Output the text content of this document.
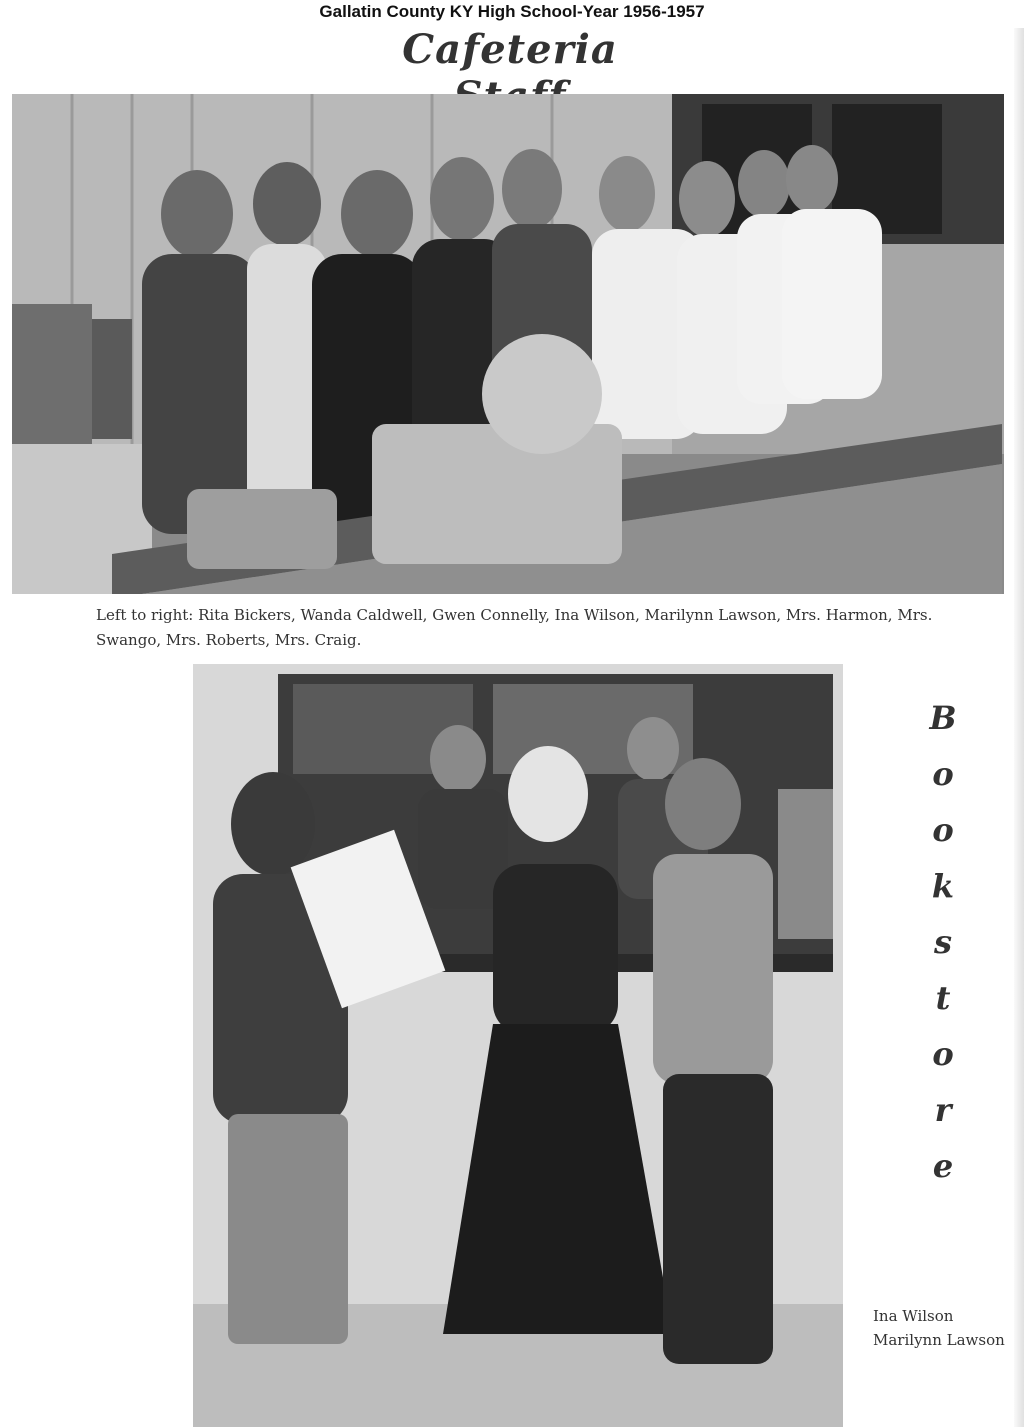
Gallatin County KY High School-Year 1956-1957
Cafeteria
Left to right: Rita Bickers, Wanda Caldwell, Gwen Connelly, Ina Wilson, Marilynn Lawson, Mrs. Harmon, Mrs. Swango, Mrs. Roberts, Mrs. Craig.
B
o
o
k
s
t
o
r
e
Ina Wilson
Marilynn Lawson
